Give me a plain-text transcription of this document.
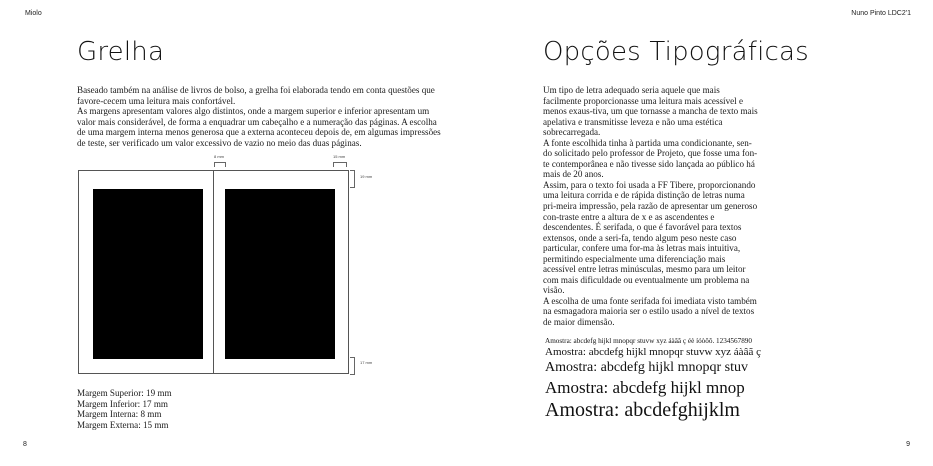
Miolo	Nuno Pinto LDC2'1
Grelha

Baseado também na análise de livros de bolso, a grelha foi elaborada tendo em conta questões que favore-cecem uma leitura mais confortável.

As margens apresentam valores algo distintos, onde a margem superior e inferior apresentam um valor mais considerável, de forma a enquadrar um cabeçalho e a numeração das páginas. A escolha de uma margem interna menos generosa que a externa aconteceu depois de, em algumas impressões de teste, ser verificado um valor excessivo de vazio no meio das duas páginas.

8 mm	15 mm
19 mm
17 mm
Margem Superior: 19 mm
Margem Inferior: 17 mm
Margem Interna: 8 mm
Margem Externa: 15 mm
8
Opções Tipográficas

Um tipo de letra adequado seria aquele que mais facilmente proporcionasse uma leitura mais acessível e menos exaus-tiva, um que tornasse a mancha de texto mais apelativa e transmitisse leveza e não uma estética sobrecarregada.

A fonte escolhida tinha à partida uma condicionante, sen-do solicitado pelo professor de Projeto, que fosse uma fon-te contemporânea e não tivesse sido lançada ao público há mais de 20 anos.

Assim, para o texto foi usada a FF Tibere, proporcionando uma leitura corrida e de rápida distinção de letras numa pri-meira impressão, pela razão de apresentar um generoso con-traste entre a altura de x e as ascendentes e descendentes. É serifada, o que é favorável para textos extensos, onde a seri-fa, tendo algum peso neste caso particular, confere uma for-ma às letras mais intuitiva, permitindo especialmente uma diferenciação mais acessível entre letras minúsculas, mesmo para um leitor com mais dificuldade ou eventualmente um problema na visão.

A escolha de uma fonte serifada foi imediata visto também na esmagadora maioria ser o estilo usado a nível de textos de maior dimensão.

Amostra: abcdefg hijkl mnopqr stuvw xyz áàâã ç éè íóòôõ. 1234567890
Amostra: abcdefg hijkl mnopqr stuvw xyz áàâã ç
Amostra: abcdefg hijkl mnopqr stuv
Amostra: abcdefg hijkl mnop
Amostra: abcdefghijklm
9
